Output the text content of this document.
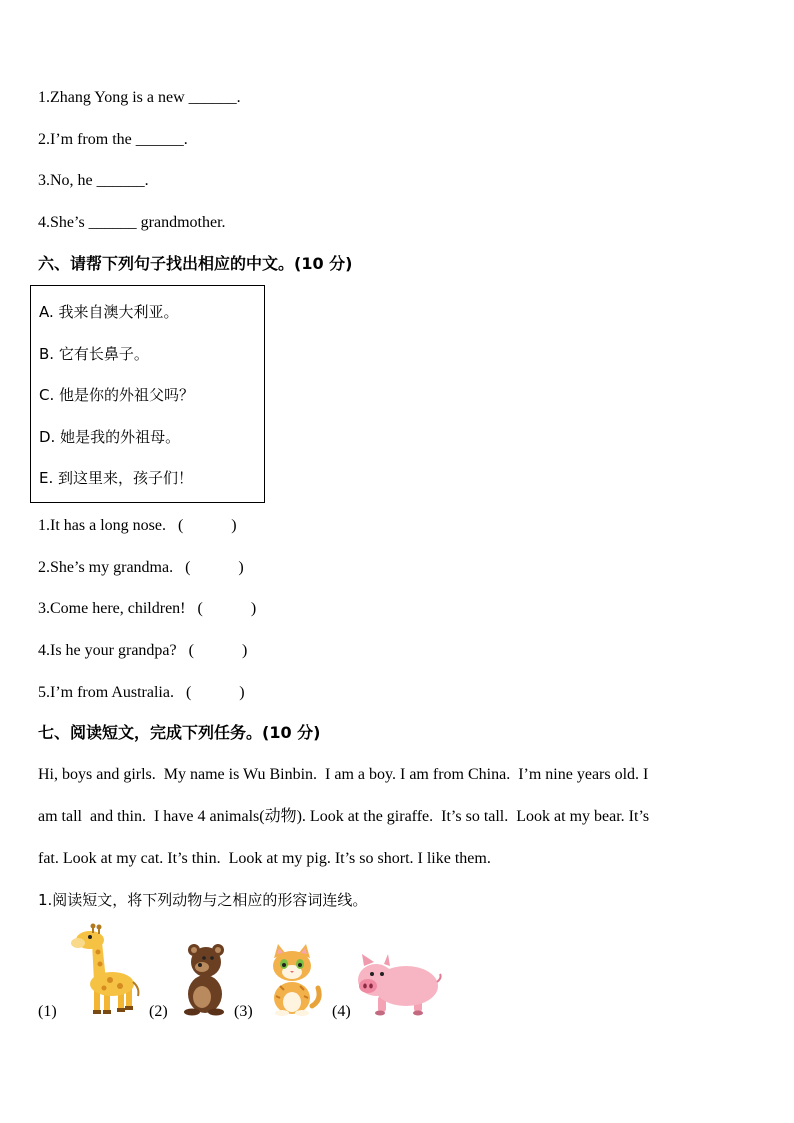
1.Zhang Yong is a new ______.
2.I’m from the ______.
3.No, he ______.
4.She’s ______ grandmother.
六、请帮下列句子找出相应的中文。(10 分)
A. 我来自澳大利亚。
B. 它有长鼻子。
C. 他是你的外祖父吗？
D. 她是我的外祖母。
E. 到这里来，孩子们！
1.It has a long nose.   (            )
2.She’s my grandma.   (            )
3.Come here, children!   (            )
4.Is he your grandpa?   (            )
5.I’m from Australia.   (            )
七、阅读短文，完成下列任务。(10 分)
Hi, boys and girls.  My name is Wu Binbin.  I am a boy. I am from China.  I’m nine years old. I
am tall  and thin.  I have 4 animals(动物). Look at the giraffe.  It’s so tall.  Look at my bear. It’s
fat. Look at my cat. It’s thin.  Look at my pig. It’s so short. I like them.
1.阅读短文，将下列动物与之相应的形容词连线。
(1)	(2)	(3)	(4)
